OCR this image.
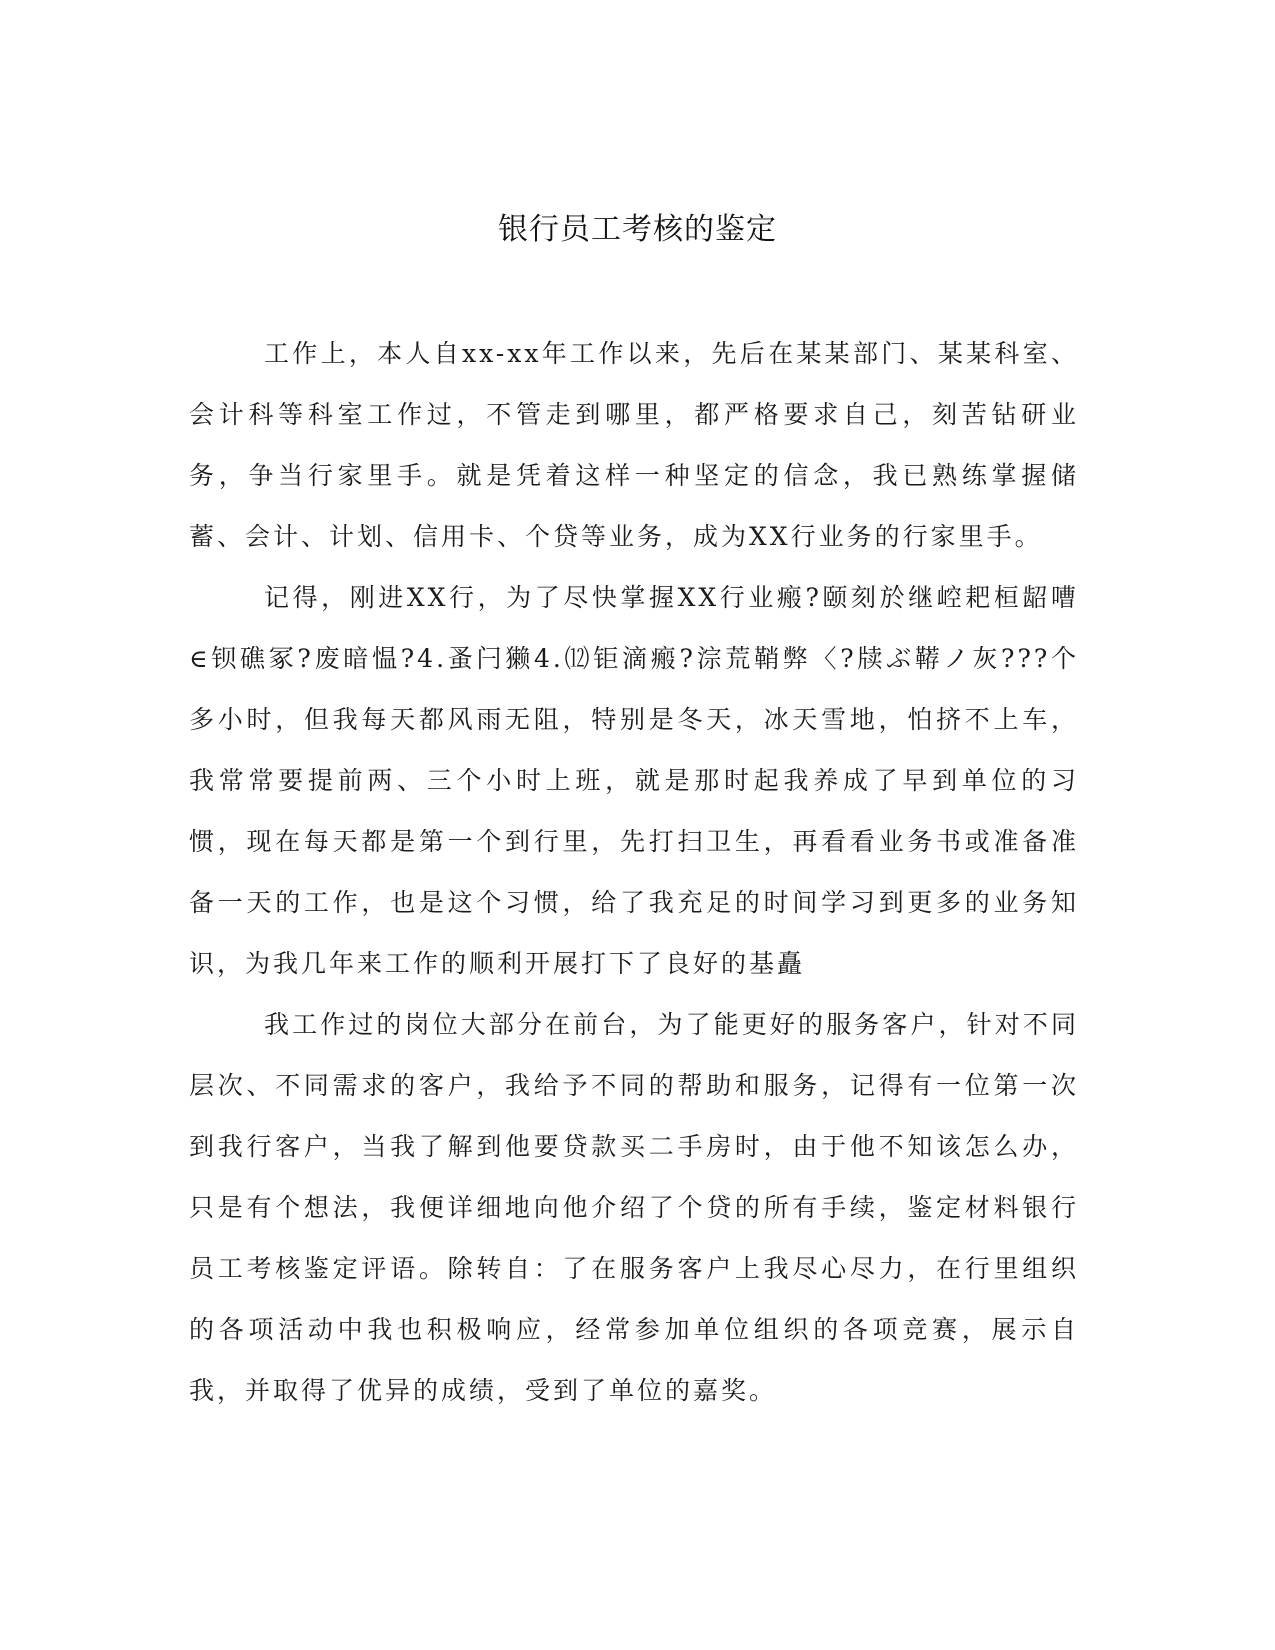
银行员工考核的鉴定

工作上，本人自xx-xx年工作以来，先后在某某部门、某某科室、会计科等科室工作过，不管走到哪里，都严格要求自己，刻苦钻研业务，争当行家里手。就是凭着这样一种坚定的信念，我已熟练掌握储蓄、会计、计划、信用卡、个贷等业务，成为XX行业务的行家里手。

记得，刚进XX行，为了尽快掌握XX行业瘢?颐刻於继崆耙桓龆嘈∈钡礁冢?废暗愠?4.蚤闩獭4.⑿钜滴瘢?淙荒鞘弊〈?牍ぶ鞯ノ灰???个多小时，但我每天都风雨无阻，特别是冬天，冰天雪地，怕挤不上车，我常常要提前两、三个小时上班，就是那时起我养成了早到单位的习惯，现在每天都是第一个到行里，先打扫卫生，再看看业务书或准备准备一天的工作，也是这个习惯，给了我充足的时间学习到更多的业务知识，为我几年来工作的顺利开展打下了良好的基矗

我工作过的岗位大部分在前台，为了能更好的服务客户，针对不同层次、不同需求的客户，我给予不同的帮助和服务，记得有一位第一次到我行客户，当我了解到他要贷款买二手房时，由于他不知该怎么办，只是有个想法，我便详细地向他介绍了个贷的所有手续，鉴定材料银行员工考核鉴定评语。除转自：了在服务客户上我尽心尽力，在行里组织的各项活动中我也积极响应，经常参加单位组织的各项竞赛，展示自我，并取得了优异的成绩，受到了单位的嘉奖。
